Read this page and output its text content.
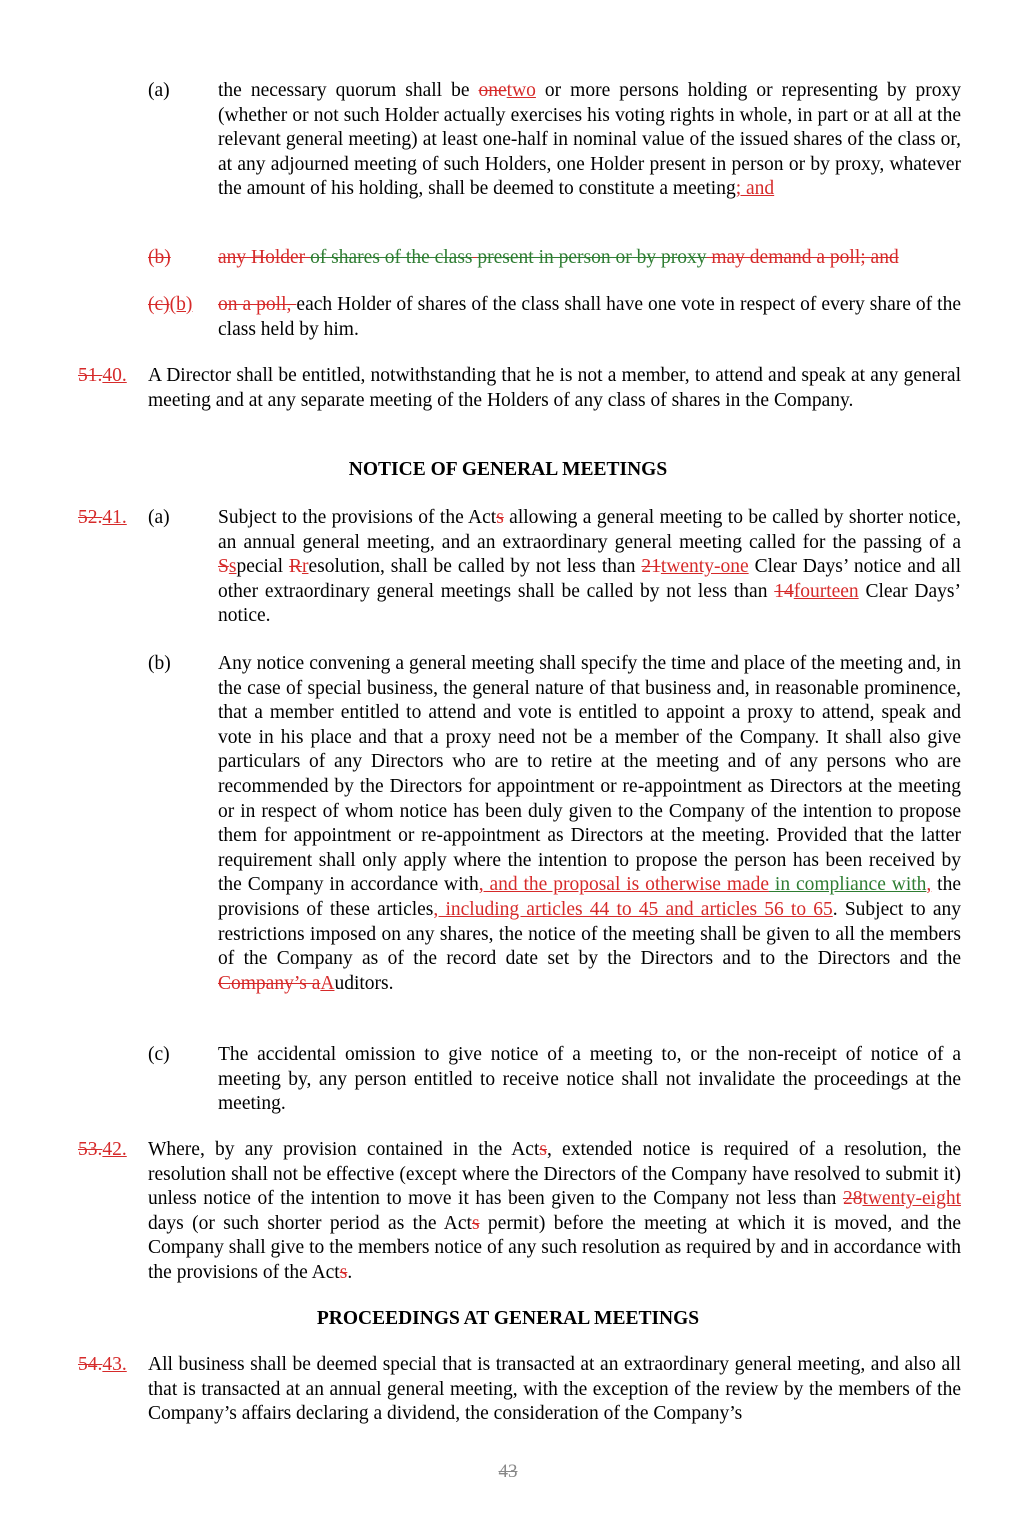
(a) the necessary quorum shall be onetwo or more persons holding or representing by proxy (whether or not such Holder actually exercises his voting rights in whole, in part or at all at the relevant general meeting) at least one-half in nominal value of the issued shares of the class or, at any adjourned meeting of such Holders, one Holder present in person or by proxy, whatever the amount of his holding, shall be deemed to constitute a meeting; and
(b) any Holder of shares of the class present in person or by proxy may demand a poll; and
(c)(b) on a poll, each Holder of shares of the class shall have one vote in respect of every share of the class held by him.
51.40. A Director shall be entitled, notwithstanding that he is not a member, to attend and speak at any general meeting and at any separate meeting of the Holders of any class of shares in the Company.
NOTICE OF GENERAL MEETINGS
52.41. (a) Subject to the provisions of the Acts allowing a general meeting to be called by shorter notice, an annual general meeting, and an extraordinary general meeting called for the passing of a Sspecial Rresolution, shall be called by not less than 21twenty-one Clear Days’ notice and all other extraordinary general meetings shall be called by not less than 14fourteen Clear Days’ notice.
(b) Any notice convening a general meeting shall specify the time and place of the meeting and, in the case of special business, the general nature of that business and, in reasonable prominence, that a member entitled to attend and vote is entitled to appoint a proxy to attend, speak and vote in his place and that a proxy need not be a member of the Company. It shall also give particulars of any Directors who are to retire at the meeting and of any persons who are recommended by the Directors for appointment or re-appointment as Directors at the meeting or in respect of whom notice has been duly given to the Company of the intention to propose them for appointment or re-appointment as Directors at the meeting. Provided that the latter requirement shall only apply where the intention to propose the person has been received by the Company in accordance with, and the proposal is otherwise made in compliance with, the provisions of these articles, including articles 44 to 45 and articles 56 to 65. Subject to any restrictions imposed on any shares, the notice of the meeting shall be given to all the members of the Company as of the record date set by the Directors and to the Directors and the Company’s aAuditors.
(c) The accidental omission to give notice of a meeting to, or the non-receipt of notice of a meeting by, any person entitled to receive notice shall not invalidate the proceedings at the meeting.
53.42. Where, by any provision contained in the Acts, extended notice is required of a resolution, the resolution shall not be effective (except where the Directors of the Company have resolved to submit it) unless notice of the intention to move it has been given to the Company not less than 28twenty-eight days (or such shorter period as the Acts permit) before the meeting at which it is moved, and the Company shall give to the members notice of any such resolution as required by and in accordance with the provisions of the Acts.
PROCEEDINGS AT GENERAL MEETINGS
54.43. All business shall be deemed special that is transacted at an extraordinary general meeting, and also all that is transacted at an annual general meeting, with the exception of the review by the members of the Company’s affairs declaring a dividend, the consideration of the Company’s
43
